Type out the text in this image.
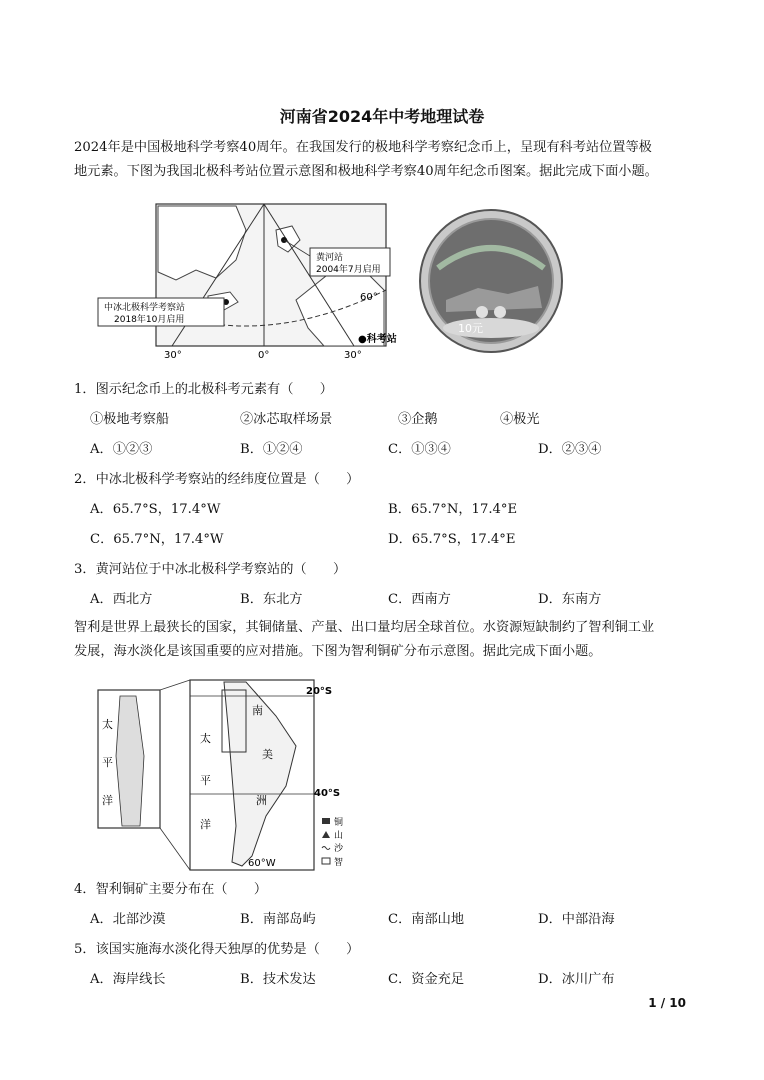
河南省2024年中考地理试卷
2024年是中国极地科学考察40周年。在我国发行的极地科学考察纪念币上，呈现有科考站位置等极
地元素。下图为我国北极科考站位置示意图和极地科学考察40周年纪念币图案。据此完成下面小题。
中冰北极科学考察站
2018年10月启用
黄河站
2004年7月启用
60°
30°	0°	30°
●科考站
10元
1．图示纪念币上的北极科考元素有（　　）
①极地考察船	②冰芯取样场景	③企鹅	④极光
A．①②③	B．①②④	C．①③④	D．②③④
2．中冰北极科学考察站的经纬度位置是（　　）
A．65.7°S，17.4°W	B．65.7°N，17.4°E
C．65.7°N，17.4°W	D．65.7°S，17.4°E
3．黄河站位于中冰北极科学考察站的（　　）
A．西北方	B．东北方	C．西南方	D．东南方
智利是世界上最狭长的国家，其铜储量、产量、出口量均居全球首位。水资源短缺制约了智利铜工业
发展，海水淡化是该国重要的应对措施。下图为智利铜矿分布示意图。据此完成下面小题。
太
平
洋
20°S
40°S
60°W
太
平
洋
南
美
洲
铜
山
沙
智
4．智利铜矿主要分布在（　　）
A．北部沙漠	B．南部岛屿	C．南部山地	D．中部沿海
5．该国实施海水淡化得天独厚的优势是（　　）
A．海岸线长	B．技术发达	C．资金充足	D．冰川广布
1 / 10
